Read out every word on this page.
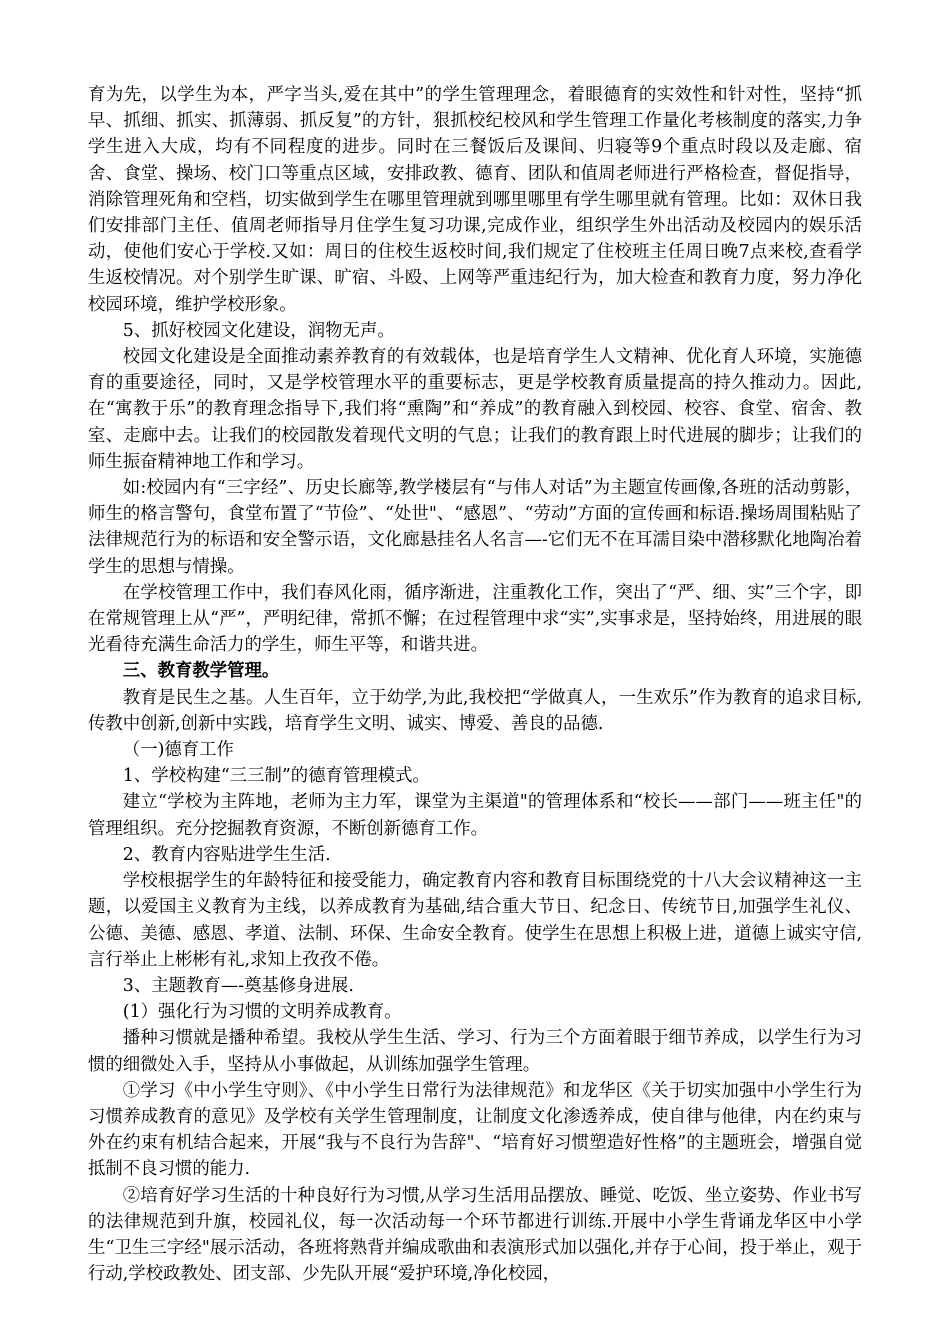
育为先，以学生为本，严字当头,爱在其中”的学生管理理念，着眼德育的实效性和针对性，坚持“抓早、抓细、抓实、抓薄弱、抓反复”的方针，狠抓校纪校风和学生管理工作量化考核制度的落实,力争学生进入大成，均有不同程度的进步。同时在三餐饭后及课间、归寝等9个重点时段以及走廊、宿舍、食堂、操场、校门口等重点区域，安排政教、德育、团队和值周老师进行严格检查，督促指导，消除管理死角和空档，切实做到学生在哪里管理就到哪里哪里有学生哪里就有管理。比如：双休日我们安排部门主任、值周老师指导月住学生复习功课,完成作业，组织学生外出活动及校园内的娱乐活动，使他们安心于学校.又如：周日的住校生返校时间,我们规定了住校班主任周日晚7点来校,查看学生返校情况。对个别学生旷课、旷宿、斗殴、上网等严重违纪行为，加大检查和教育力度，努力净化校园环境，维护学校形象。

5、抓好校园文化建设，润物无声。

校园文化建设是全面推动素养教育的有效载体，也是培育学生人文精神、优化育人环境，实施德育的重要途径，同时，又是学校管理水平的重要标志，更是学校教育质量提高的持久推动力。因此,在“寓教于乐”的教育理念指导下,我们将“熏陶”和“养成”的教育融入到校园、校容、食堂、宿舍、教室、走廊中去。让我们的校园散发着现代文明的气息；让我们的教育跟上时代进展的脚步；让我们的师生振奋精神地工作和学习。

如:校园内有“三字经”、历史长廊等,教学楼层有“与伟人对话”为主题宣传画像,各班的活动剪影，师生的格言警句，食堂布置了“节俭”、“处世"、“感恩”、“劳动”方面的宣传画和标语.操场周围粘贴了法律规范行为的标语和安全警示语，文化廊悬挂名人名言—-它们无不在耳濡目染中潜移默化地陶冶着学生的思想与情操。

在学校管理工作中，我们春风化雨，循序渐进，注重教化工作，突出了“严、细、实”三个字，即在常规管理上从“严”，严明纪律，常抓不懈；在过程管理中求“实”,实事求是，坚持始终，用进展的眼光看待充满生命活力的学生，师生平等，和谐共进。

三、教育教学管理。

教育是民生之基。人生百年，立于幼学,为此,我校把“学做真人，一生欢乐”作为教育的追求目标,传教中创新,创新中实践，培育学生文明、诚实、博爱、善良的品德.

（一)德育工作

1、学校构建“三三制”的德育管理模式。

建立“学校为主阵地，老师为主力军，课堂为主渠道"的管理体系和“校长——部门——班主任"的管理组织。充分挖掘教育资源，不断创新德育工作。

2、教育内容贴进学生生活.

学校根据学生的年龄特征和接受能力，确定教育内容和教育目标围绕党的十八大会议精神这一主题，以爱国主义教育为主线，以养成教育为基础,结合重大节日、纪念日、传统节日,加强学生礼仪、公德、美德、感恩、孝道、法制、环保、生命安全教育。使学生在思想上积极上进，道德上诚实守信,言行举止上彬彬有礼,求知上孜孜不倦。

3、主题教育—-奠基修身进展.

(1）强化行为习惯的文明养成教育。

播种习惯就是播种希望。我校从学生生活、学习、行为三个方面着眼于细节养成，以学生行为习惯的细微处入手，坚持从小事做起，从训练加强学生管理。

①学习《中小学生守则》、《中小学生日常行为法律规范》和龙华区《关于切实加强中小学生行为习惯养成教育的意见》及学校有关学生管理制度，让制度文化渗透养成，使自律与他律，内在约束与外在约束有机结合起来，开展“我与不良行为告辞"、“培育好习惯塑造好性格”的主题班会，增强自觉抵制不良习惯的能力.

②培育好学习生活的十种良好行为习惯,从学习生活用品摆放、睡觉、吃饭、坐立姿势、作业书写的法律规范到升旗，校园礼仪，每一次活动每一个环节都进行训练.开展中小学生背诵龙华区中小学生“卫生三字经"展示活动，各班将熟背并编成歌曲和表演形式加以强化,并存于心间，投于举止，观于行动,学校政教处、团支部、少先队开展“爱护环境,净化校园，
